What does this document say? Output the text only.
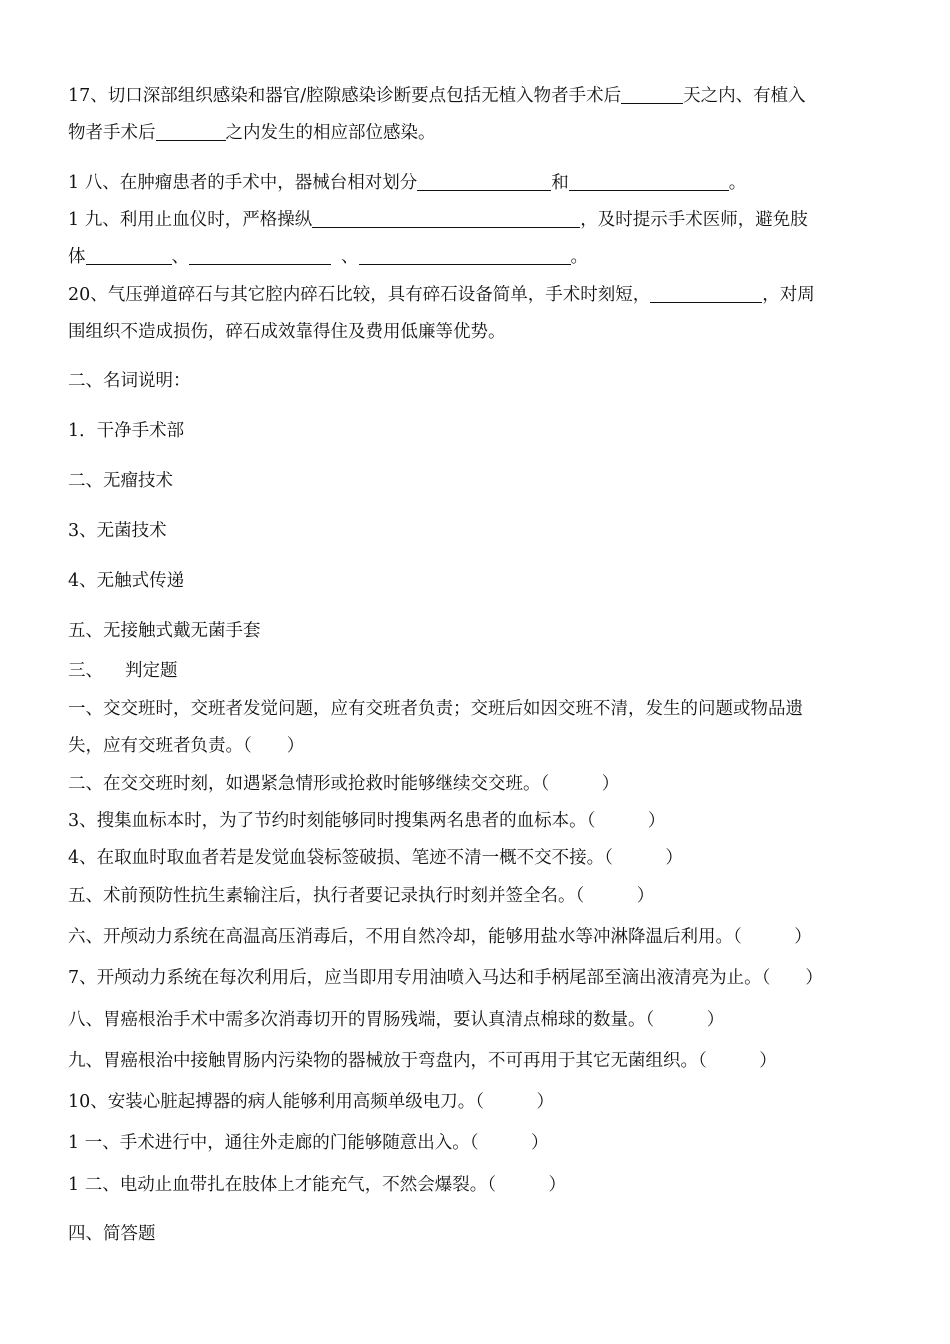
17、切口深部组织感染和器官/腔隙感染诊断要点包括无植入物者手术后	天之内、有植入
物者手术后	之内发生的相应部位感染。
1 八、在肿瘤患者的手术中，器械台相对划分	和	。
1 九、利用止血仪时，严格操纵	，及时提示手术医师，避免肢
体	、	、	。
20、气压弹道碎石与其它腔内碎石比较，具有碎石设备简单，手术时刻短，	，对周
围组织不造成损伤，碎石成效靠得住及费用低廉等优势。
二、名词说明：
1．干净手术部
二、无瘤技术
3、无菌技术
4、无触式传递
五、无接触式戴无菌手套
三、 判定题
一、交交班时，交班者发觉问题，应有交班者负责；交班后如因交班不清，发生的问题或物品遗
失，应有交班者负责。（　　）
二、在交交班时刻，如遇紧急情形或抢救时能够继续交交班。（　　　）
3、搜集血标本时，为了节约时刻能够同时搜集两名患者的血标本。（　　　）
4、在取血时取血者若是发觉血袋标签破损、笔迹不清一概不交不接。（　　　）
五、术前预防性抗生素输注后，执行者要记录执行时刻并签全名。（　　　）
六、开颅动力系统在高温高压消毒后，不用自然冷却，能够用盐水等冲淋降温后利用。（　　　）
7、开颅动力系统在每次利用后，应当即用专用油喷入马达和手柄尾部至滴出液清亮为止。（　　）
八、胃癌根治手术中需多次消毒切开的胃肠残端，要认真清点棉球的数量。（　　　）
九、胃癌根治中接触胃肠内污染物的器械放于弯盘内，不可再用于其它无菌组织。（　　　）
10、安装心脏起搏器的病人能够利用高频单级电刀。（　　　）
1 一、手术进行中，通往外走廊的门能够随意出入。（　　　）
1 二、电动止血带扎在肢体上才能充气，不然会爆裂。（　　　）
四、简答题
